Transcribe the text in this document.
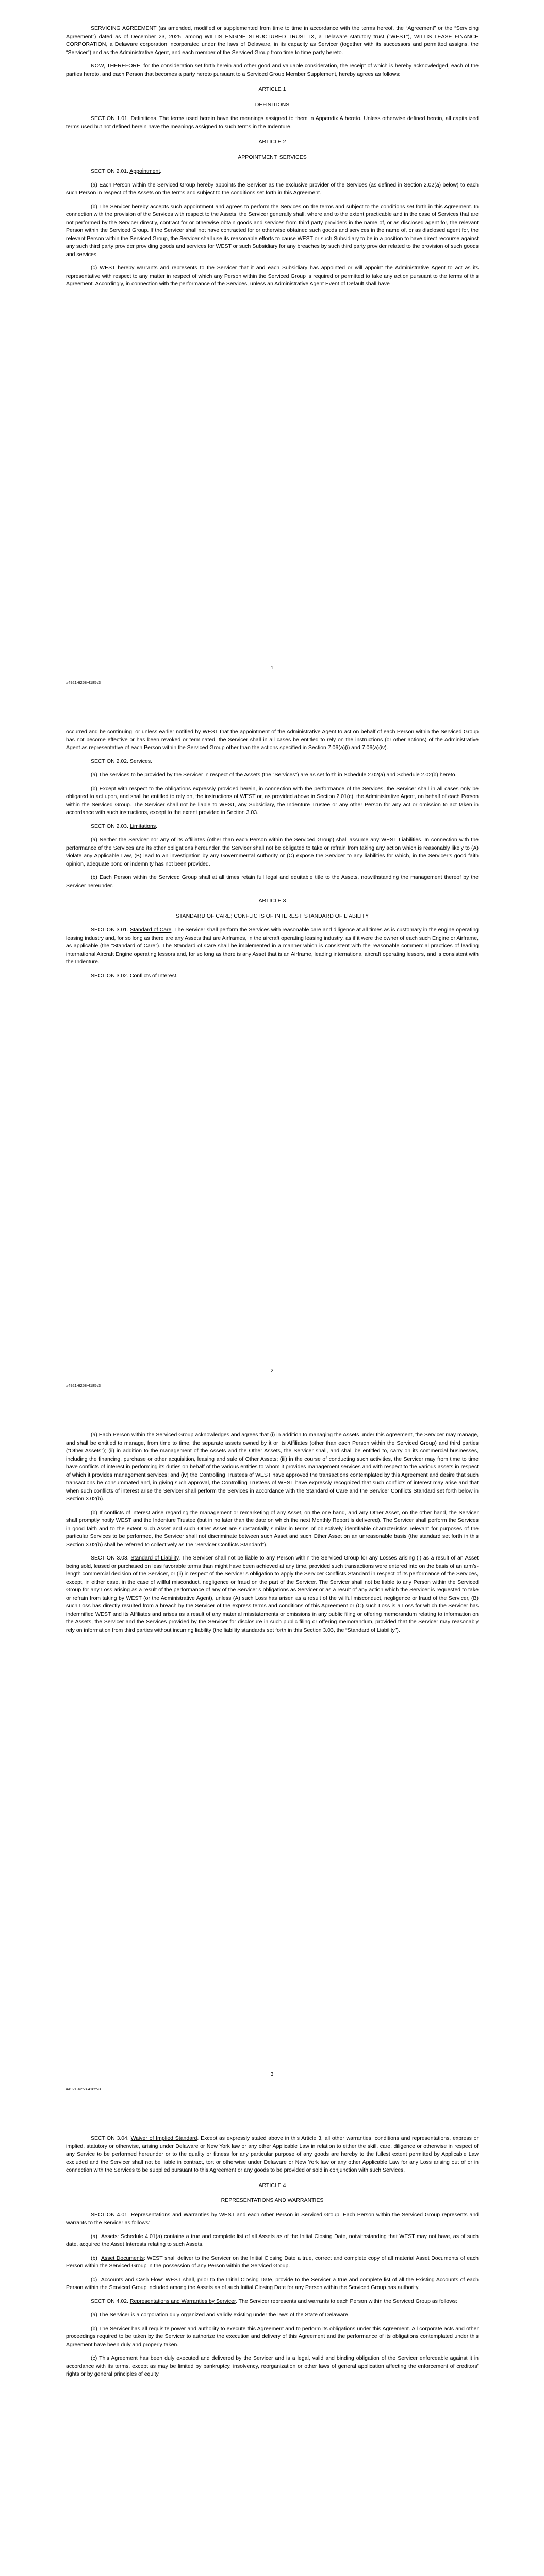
SERVICING AGREEMENT (as amended, modified or supplemented from time to time in accordance with the terms hereof, the “Agreement” or the “Servicing Agreement”) dated as of December 23, 2025, among WILLIS ENGINE STRUCTURED TRUST IX, a Delaware statutory trust (“WEST”), WILLIS LEASE FINANCE CORPORATION, a Delaware corporation incorporated under the laws of Delaware, in its capacity as Servicer (together with its successors and permitted assigns, the “Servicer”) and as the Administrative Agent, and each member of the Serviced Group from time to time party hereto.

NOW, THEREFORE, for the consideration set forth herein and other good and valuable consideration, the receipt of which is hereby acknowledged, each of the parties hereto, and each Person that becomes a party hereto pursuant to a Serviced Group Member Supplement, hereby agrees as follows:

ARTICLE 1

DEFINITIONS

SECTION 1.01. Definitions. The terms used herein have the meanings assigned to them in Appendix A hereto. Unless otherwise defined herein, all capitalized terms used but not defined herein have the meanings assigned to such terms in the Indenture.

ARTICLE 2

APPOINTMENT; SERVICES

SECTION 2.01. Appointment.

(a) Each Person within the Serviced Group hereby appoints the Servicer as the exclusive provider of the Services (as defined in Section 2.02(a) below) to each such Person in respect of the Assets on the terms and subject to the conditions set forth in this Agreement.

(b) The Servicer hereby accepts such appointment and agrees to perform the Services on the terms and subject to the conditions set forth in this Agreement. In connection with the provision of the Services with respect to the Assets, the Servicer generally shall, where and to the extent practicable and in the case of Services that are not performed by the Servicer directly, contract for or otherwise obtain goods and services from third party providers in the name of, or as disclosed agent for, the relevant Person within the Serviced Group. If the Servicer shall not have contracted for or otherwise obtained such goods and services in the name of, or as disclosed agent for, the relevant Person within the Serviced Group, the Servicer shall use its reasonable efforts to cause WEST or such Subsidiary to be in a position to have direct recourse against any such third party provider providing goods and services for WEST or such Subsidiary for any breaches by such third party provider related to the provision of such goods and services.

(c) WEST hereby warrants and represents to the Servicer that it and each Subsidiary has appointed or will appoint the Administrative Agent to act as its representative with respect to any matter in respect of which any Person within the Serviced Group is required or permitted to take any action pursuant to the terms of this Agreement. Accordingly, in connection with the performance of the Services, unless an Administrative Agent Event of Default shall have

1
#4921-6258-4185v3

occurred and be continuing, or unless earlier notified by WEST that the appointment of the Administrative Agent to act on behalf of each Person within the Serviced Group has not become effective or has been revoked or terminated, the Servicer shall in all cases be entitled to rely on the instructions (or other actions) of the Administrative Agent as representative of each Person within the Serviced Group other than the actions specified in Section 7.06(a)(i) and 7.06(a)(iv).

SECTION 2.02. Services.

(a) The services to be provided by the Servicer in respect of the Assets (the “Services”) are as set forth in Schedule 2.02(a) and Schedule 2.02(b) hereto.

(b) Except with respect to the obligations expressly provided herein, in connection with the performance of the Services, the Servicer shall in all cases only be obligated to act upon, and shall be entitled to rely on, the instructions of WEST or, as provided above in Section 2.01(c), the Administrative Agent, on behalf of each Person within the Serviced Group. The Servicer shall not be liable to WEST, any Subsidiary, the Indenture Trustee or any other Person for any act or omission to act taken in accordance with such instructions, except to the extent provided in Section 3.03.

SECTION 2.03. Limitations.

(a) Neither the Servicer nor any of its Affiliates (other than each Person within the Serviced Group) shall assume any WEST Liabilities. In connection with the performance of the Services and its other obligations hereunder, the Servicer shall not be obligated to take or refrain from taking any action which is reasonably likely to (A) violate any Applicable Law, (B) lead to an investigation by any Governmental Authority or (C) expose the Servicer to any liabilities for which, in the Servicer’s good faith opinion, adequate bond or indemnity has not been provided.

(b) Each Person within the Serviced Group shall at all times retain full legal and equitable title to the Assets, notwithstanding the management thereof by the Servicer hereunder.

ARTICLE 3

STANDARD OF CARE; CONFLICTS OF INTEREST; STANDARD OF LIABILITY

SECTION 3.01. Standard of Care. The Servicer shall perform the Services with reasonable care and diligence at all times as is customary in the engine operating leasing industry and, for so long as there are any Assets that are Airframes, in the aircraft operating leasing industry, as if it were the owner of each such Engine or Airframe, as applicable (the “Standard of Care”). The Standard of Care shall be implemented in a manner which is consistent with the reasonable commercial practices of leading international Aircraft Engine operating lessors and, for so long as there is any Asset that is an Airframe, leading international aircraft operating lessors, and is consistent with the Indenture.

SECTION 3.02. Conflicts of Interest.

2
#4921-6258-4185v3

(a) Each Person within the Serviced Group acknowledges and agrees that (i) in addition to managing the Assets under this Agreement, the Servicer may manage, and shall be entitled to manage, from time to time, the separate assets owned by it or its Affiliates (other than each Person within the Serviced Group) and third parties (“Other Assets”); (ii) in addition to the management of the Assets and the Other Assets, the Servicer shall, and shall be entitled to, carry on its commercial businesses, including the financing, purchase or other acquisition, leasing and sale of Other Assets; (iii) in the course of conducting such activities, the Servicer may from time to time have conflicts of interest in performing its duties on behalf of the various entities to whom it provides management services and with respect to the various assets in respect of which it provides management services; and (iv) the Controlling Trustees of WEST have approved the transactions contemplated by this Agreement and desire that such transactions be consummated and, in giving such approval, the Controlling Trustees of WEST have expressly recognized that such conflicts of interest may arise and that when such conflicts of interest arise the Servicer shall perform the Services in accordance with the Standard of Care and the Servicer Conflicts Standard set forth below in Section 3.02(b).

(b) If conflicts of interest arise regarding the management or remarketing of any Asset, on the one hand, and any Other Asset, on the other hand, the Servicer shall promptly notify WEST and the Indenture Trustee (but in no later than the date on which the next Monthly Report is delivered). The Servicer shall perform the Services in good faith and to the extent such Asset and such Other Asset are substantially similar in terms of objectively identifiable characteristics relevant for purposes of the particular Services to be performed, the Servicer shall not discriminate between such Asset and such Other Asset on an unreasonable basis (the standard set forth in this Section 3.02(b) shall be referred to collectively as the “Servicer Conflicts Standard”).

SECTION 3.03. Standard of Liability. The Servicer shall not be liable to any Person within the Serviced Group for any Losses arising (i) as a result of an Asset being sold, leased or purchased on less favorable terms than might have been achieved at any time, provided such transactions were entered into on the basis of an arm’s-length commercial decision of the Servicer, or (ii) in respect of the Servicer’s obligation to apply the Servicer Conflicts Standard in respect of its performance of the Services, except, in either case, in the case of willful misconduct, negligence or fraud on the part of the Servicer. The Servicer shall not be liable to any Person within the Serviced Group for any Loss arising as a result of the performance of any of the Servicer’s obligations as Servicer or as a result of any action which the Servicer is requested to take or refrain from taking by WEST (or the Administrative Agent), unless (A) such Loss has arisen as a result of the willful misconduct, negligence or fraud of the Servicer, (B) such Loss has directly resulted from a breach by the Servicer of the express terms and conditions of this Agreement or (C) such Loss is a Loss for which the Servicer has indemnified WEST and its Affiliates and arises as a result of any material misstatements or omissions in any public filing or offering memorandum relating to information on the Assets, the Servicer and the Services provided by the Servicer for disclosure in such public filing or offering memorandum, provided that the Servicer may reasonably rely on information from third parties without incurring liability (the liability standards set forth in this Section 3.03, the “Standard of Liability”).

3
#4921-6258-4185v3

SECTION 3.04. Waiver of Implied Standard. Except as expressly stated above in this Article 3, all other warranties, conditions and representations, express or implied, statutory or otherwise, arising under Delaware or New York law or any other Applicable Law in relation to either the skill, care, diligence or otherwise in respect of any Service to be performed hereunder or to the quality or fitness for any particular purpose of any goods are hereby to the fullest extent permitted by Applicable Law excluded and the Servicer shall not be liable in contract, tort or otherwise under Delaware or New York law or any other Applicable Law for any Loss arising out of or in connection with the Services to be supplied pursuant to this Agreement or any goods to be provided or sold in conjunction with such Services.

ARTICLE 4

REPRESENTATIONS AND WARRANTIES

SECTION 4.01. Representations and Warranties by WEST and each other Person in Serviced Group. Each Person within the Serviced Group represents and warrants to the Servicer as follows:

(a) Assets: Schedule 4.01(a) contains a true and complete list of all Assets as of the Initial Closing Date, notwithstanding that WEST may not have, as of such date, acquired the Asset Interests relating to such Assets.

(b) Asset Documents: WEST shall deliver to the Servicer on the Initial Closing Date a true, correct and complete copy of all material Asset Documents of each Person within the Serviced Group in the possession of any Person within the Serviced Group.

(c) Accounts and Cash Flow: WEST shall, prior to the Initial Closing Date, provide to the Servicer a true and complete list of all the Existing Accounts of each Person within the Serviced Group included among the Assets as of such Initial Closing Date for any Person within the Serviced Group has authority.

SECTION 4.02. Representations and Warranties by Servicer. The Servicer represents and warrants to each Person within the Serviced Group as follows:

(a) The Servicer is a corporation duly organized and validly existing under the laws of the State of Delaware.

(b) The Servicer has all requisite power and authority to execute this Agreement and to perform its obligations under this Agreement. All corporate acts and other proceedings required to be taken by the Servicer to authorize the execution and delivery of this Agreement and the performance of its obligations contemplated under this Agreement have been duly and properly taken.

(c) This Agreement has been duly executed and delivered by the Servicer and is a legal, valid and binding obligation of the Servicer enforceable against it in accordance with its terms, except as may be limited by bankruptcy, insolvency, reorganization or other laws of general application affecting the enforcement of creditors’ rights or by general principles of equity.
